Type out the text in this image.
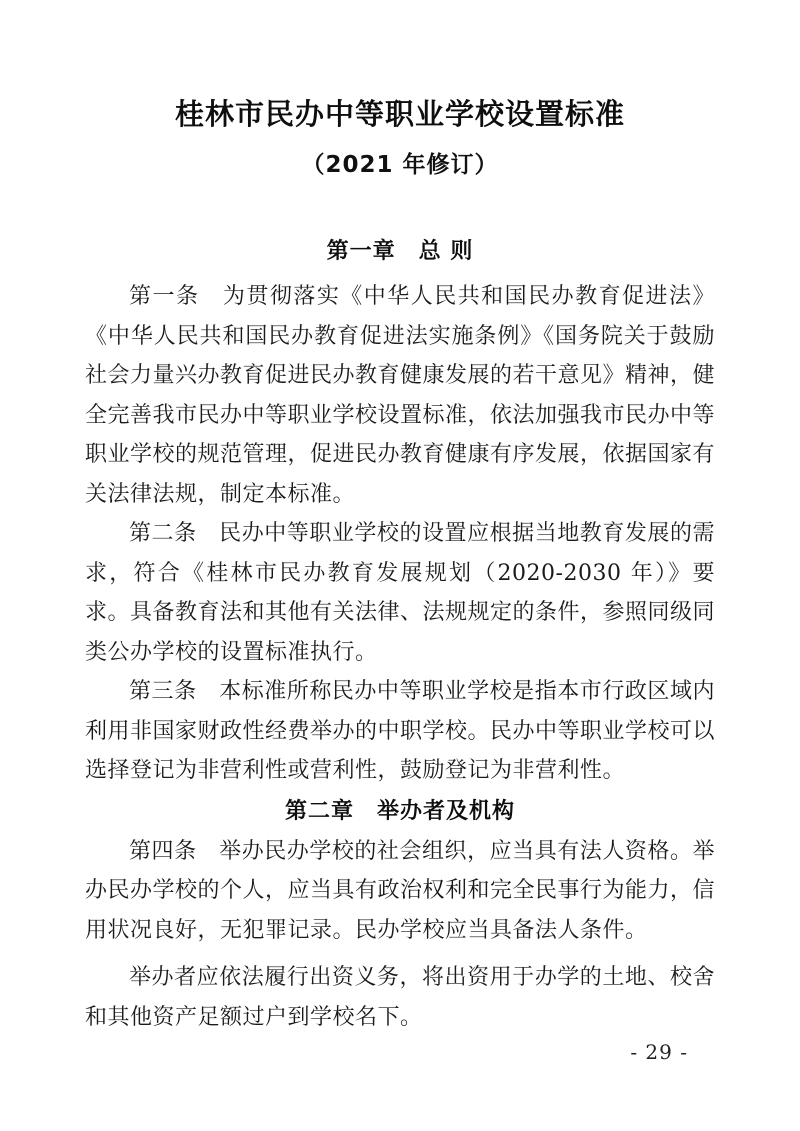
桂林市民办中等职业学校设置标准
（2021 年修订）
第一章　总 则

第一条　为贯彻落实《中华人民共和国民办教育促进法》《中华人民共和国民办教育促进法实施条例》《国务院关于鼓励社会力量兴办教育促进民办教育健康发展的若干意见》精神，健全完善我市民办中等职业学校设置标准，依法加强我市民办中等职业学校的规范管理，促进民办教育健康有序发展，依据国家有关法律法规，制定本标准。

第二条　民办中等职业学校的设置应根据当地教育发展的需求，符合《桂林市民办教育发展规划（2020-2030 年）》要求。具备教育法和其他有关法律、法规规定的条件，参照同级同类公办学校的设置标准执行。

第三条　本标准所称民办中等职业学校是指本市行政区域内利用非国家财政性经费举办的中职学校。民办中等职业学校可以选择登记为非营利性或营利性，鼓励登记为非营利性。

第二章　举办者及机构

第四条　举办民办学校的社会组织，应当具有法人资格。举办民办学校的个人，应当具有政治权利和完全民事行为能力，信用状况良好，无犯罪记录。民办学校应当具备法人条件。

举办者应依法履行出资义务，将出资用于办学的土地、校舍和其他资产足额过户到学校名下。

- 29 -
